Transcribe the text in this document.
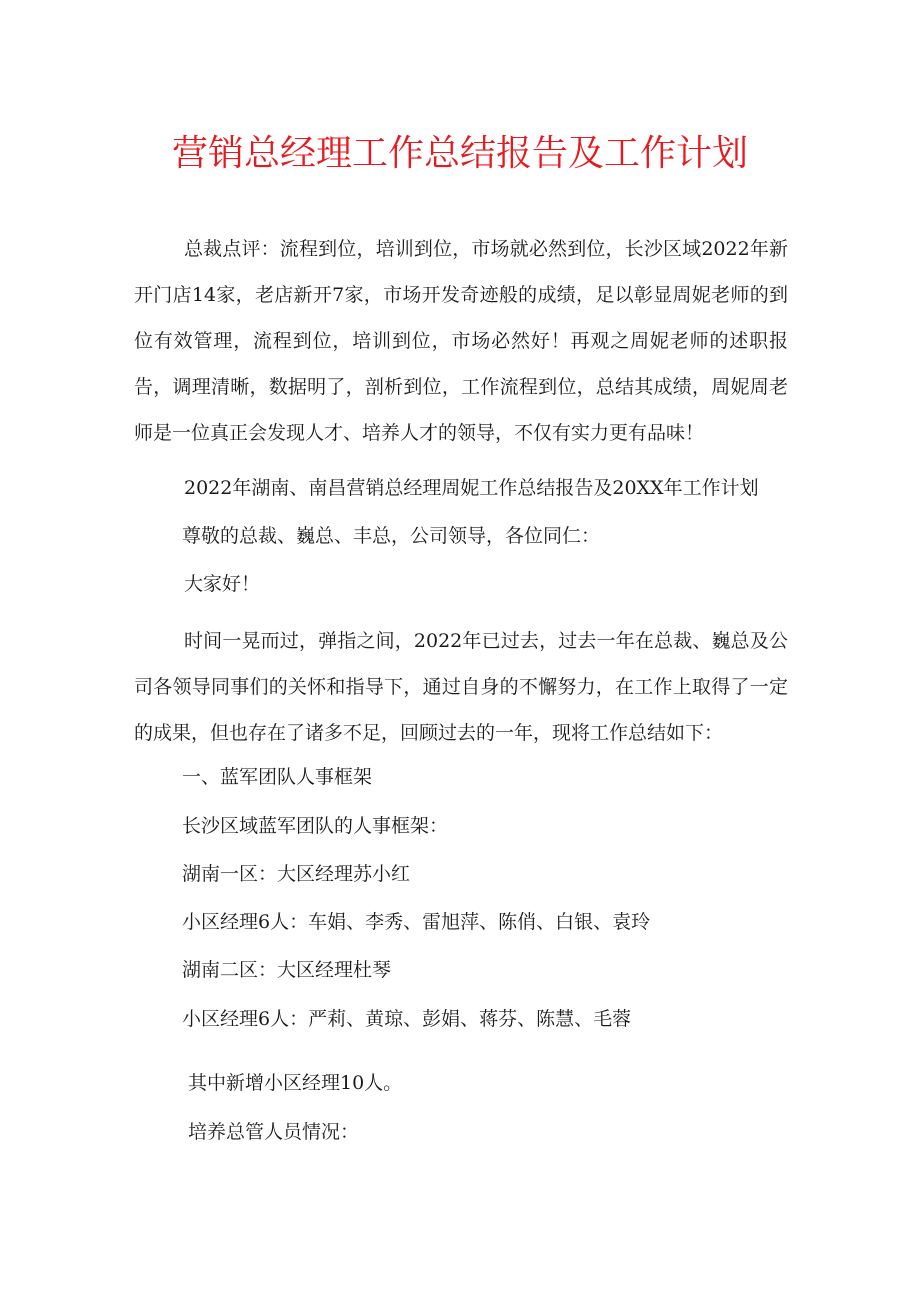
营销总经理工作总结报告及工作计划

总裁点评：流程到位，培训到位，市场就必然到位，长沙区域2022年新开门店14家，老店新开7家，市场开发奇迹般的成绩，足以彰显周妮老师的到位有效管理，流程到位，培训到位，市场必然好！再观之周妮老师的述职报告，调理清晰，数据明了，剖析到位，工作流程到位，总结其成绩，周妮周老师是一位真正会发现人才、培养人才的领导，不仅有实力更有品味！

2022年湖南、南昌营销总经理周妮工作总结报告及20XX年工作计划
尊敬的总裁、巍总、丰总，公司领导，各位同仁：
大家好！

时间一晃而过，弹指之间，2022年已过去，过去一年在总裁、巍总及公司各领导同事们的关怀和指导下，通过自身的不懈努力，在工作上取得了一定的成果，但也存在了诸多不足，回顾过去的一年，现将工作总结如下：

一、蓝军团队人事框架
长沙区域蓝军团队的人事框架：
湖南一区：大区经理苏小红
小区经理6人：车娟、李秀、雷旭萍、陈俏、白银、袁玲
湖南二区：大区经理杜琴
小区经理6人：严莉、黄琼、彭娟、蒋芬、陈慧、毛蓉
其中新增小区经理10人。
培养总管人员情况：
